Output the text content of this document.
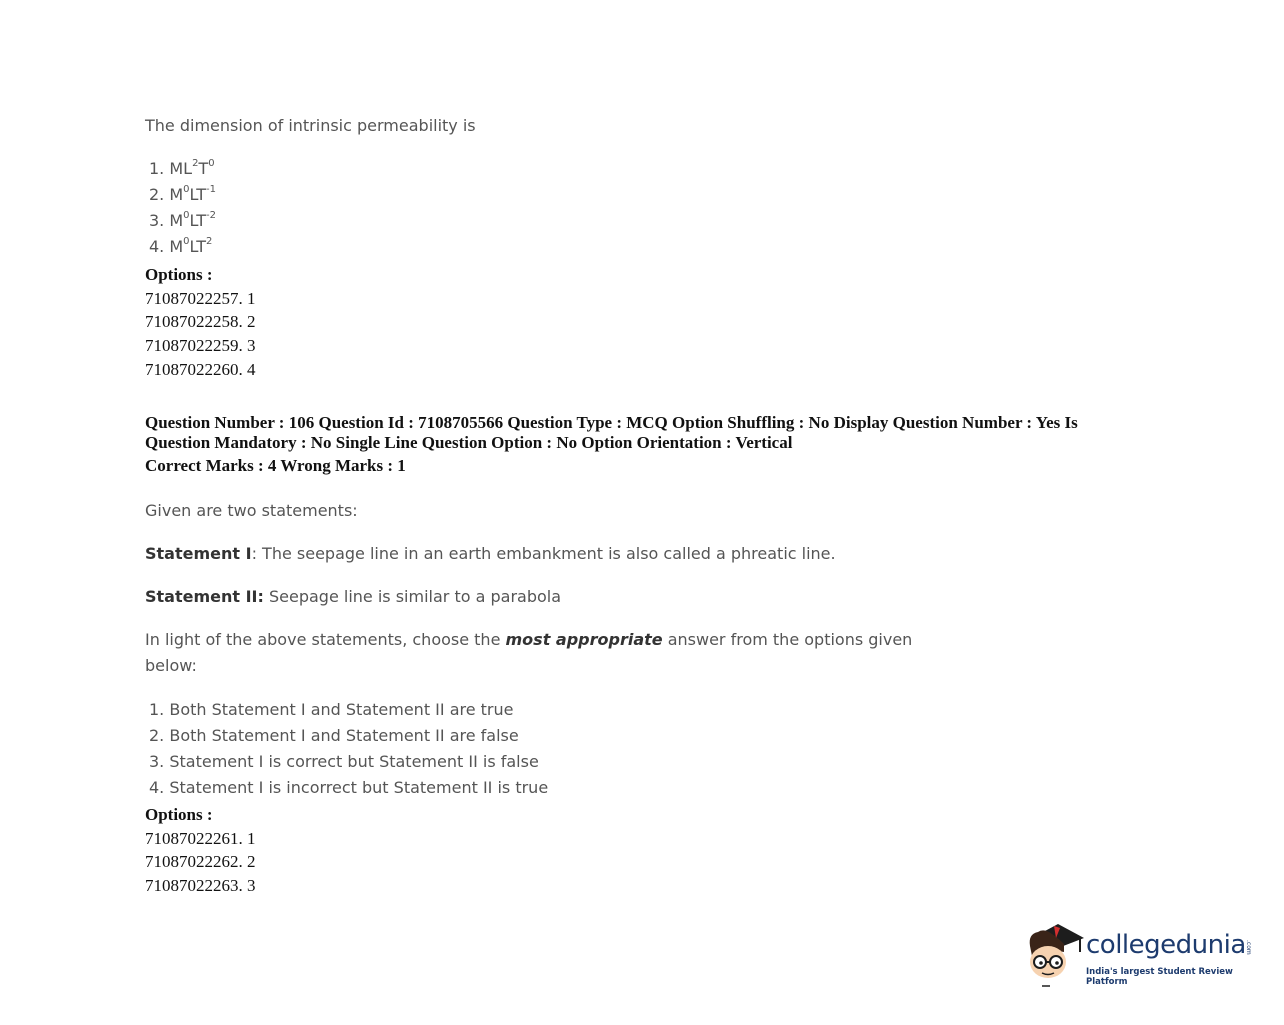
The dimension of intrinsic permeability is
1. $ML^2T^0$
2. $M^0LT^{-1}$
3. $M^0LT^{-2}$
4. $M^0LT^2$
Options :
71087022257. 1
71087022258. 2
71087022259. 3
71087022260. 4
Question Number : 106 Question Id : 7108705566 Question Type : MCQ Option Shuffling : No Display Question Number : Yes Is Question Mandatory : No Single Line Question Option : No Option Orientation : Vertical
Correct Marks : 4 Wrong Marks : 1
Given are two statements:
Statement I: The seepage line in an earth embankment is also called a phreatic line.
Statement II: Seepage line is similar to a parabola
In light of the above statements, choose the most appropriate answer from the options given
below:
1. Both Statement I and Statement II are true
2. Both Statement I and Statement II are false
3. Statement I is correct but Statement II is false
4. Statement I is incorrect but Statement II is true
Options :
71087022261. 1
71087022262. 2
71087022263. 3
collegedunia .com
India's largest Student Review Platform
